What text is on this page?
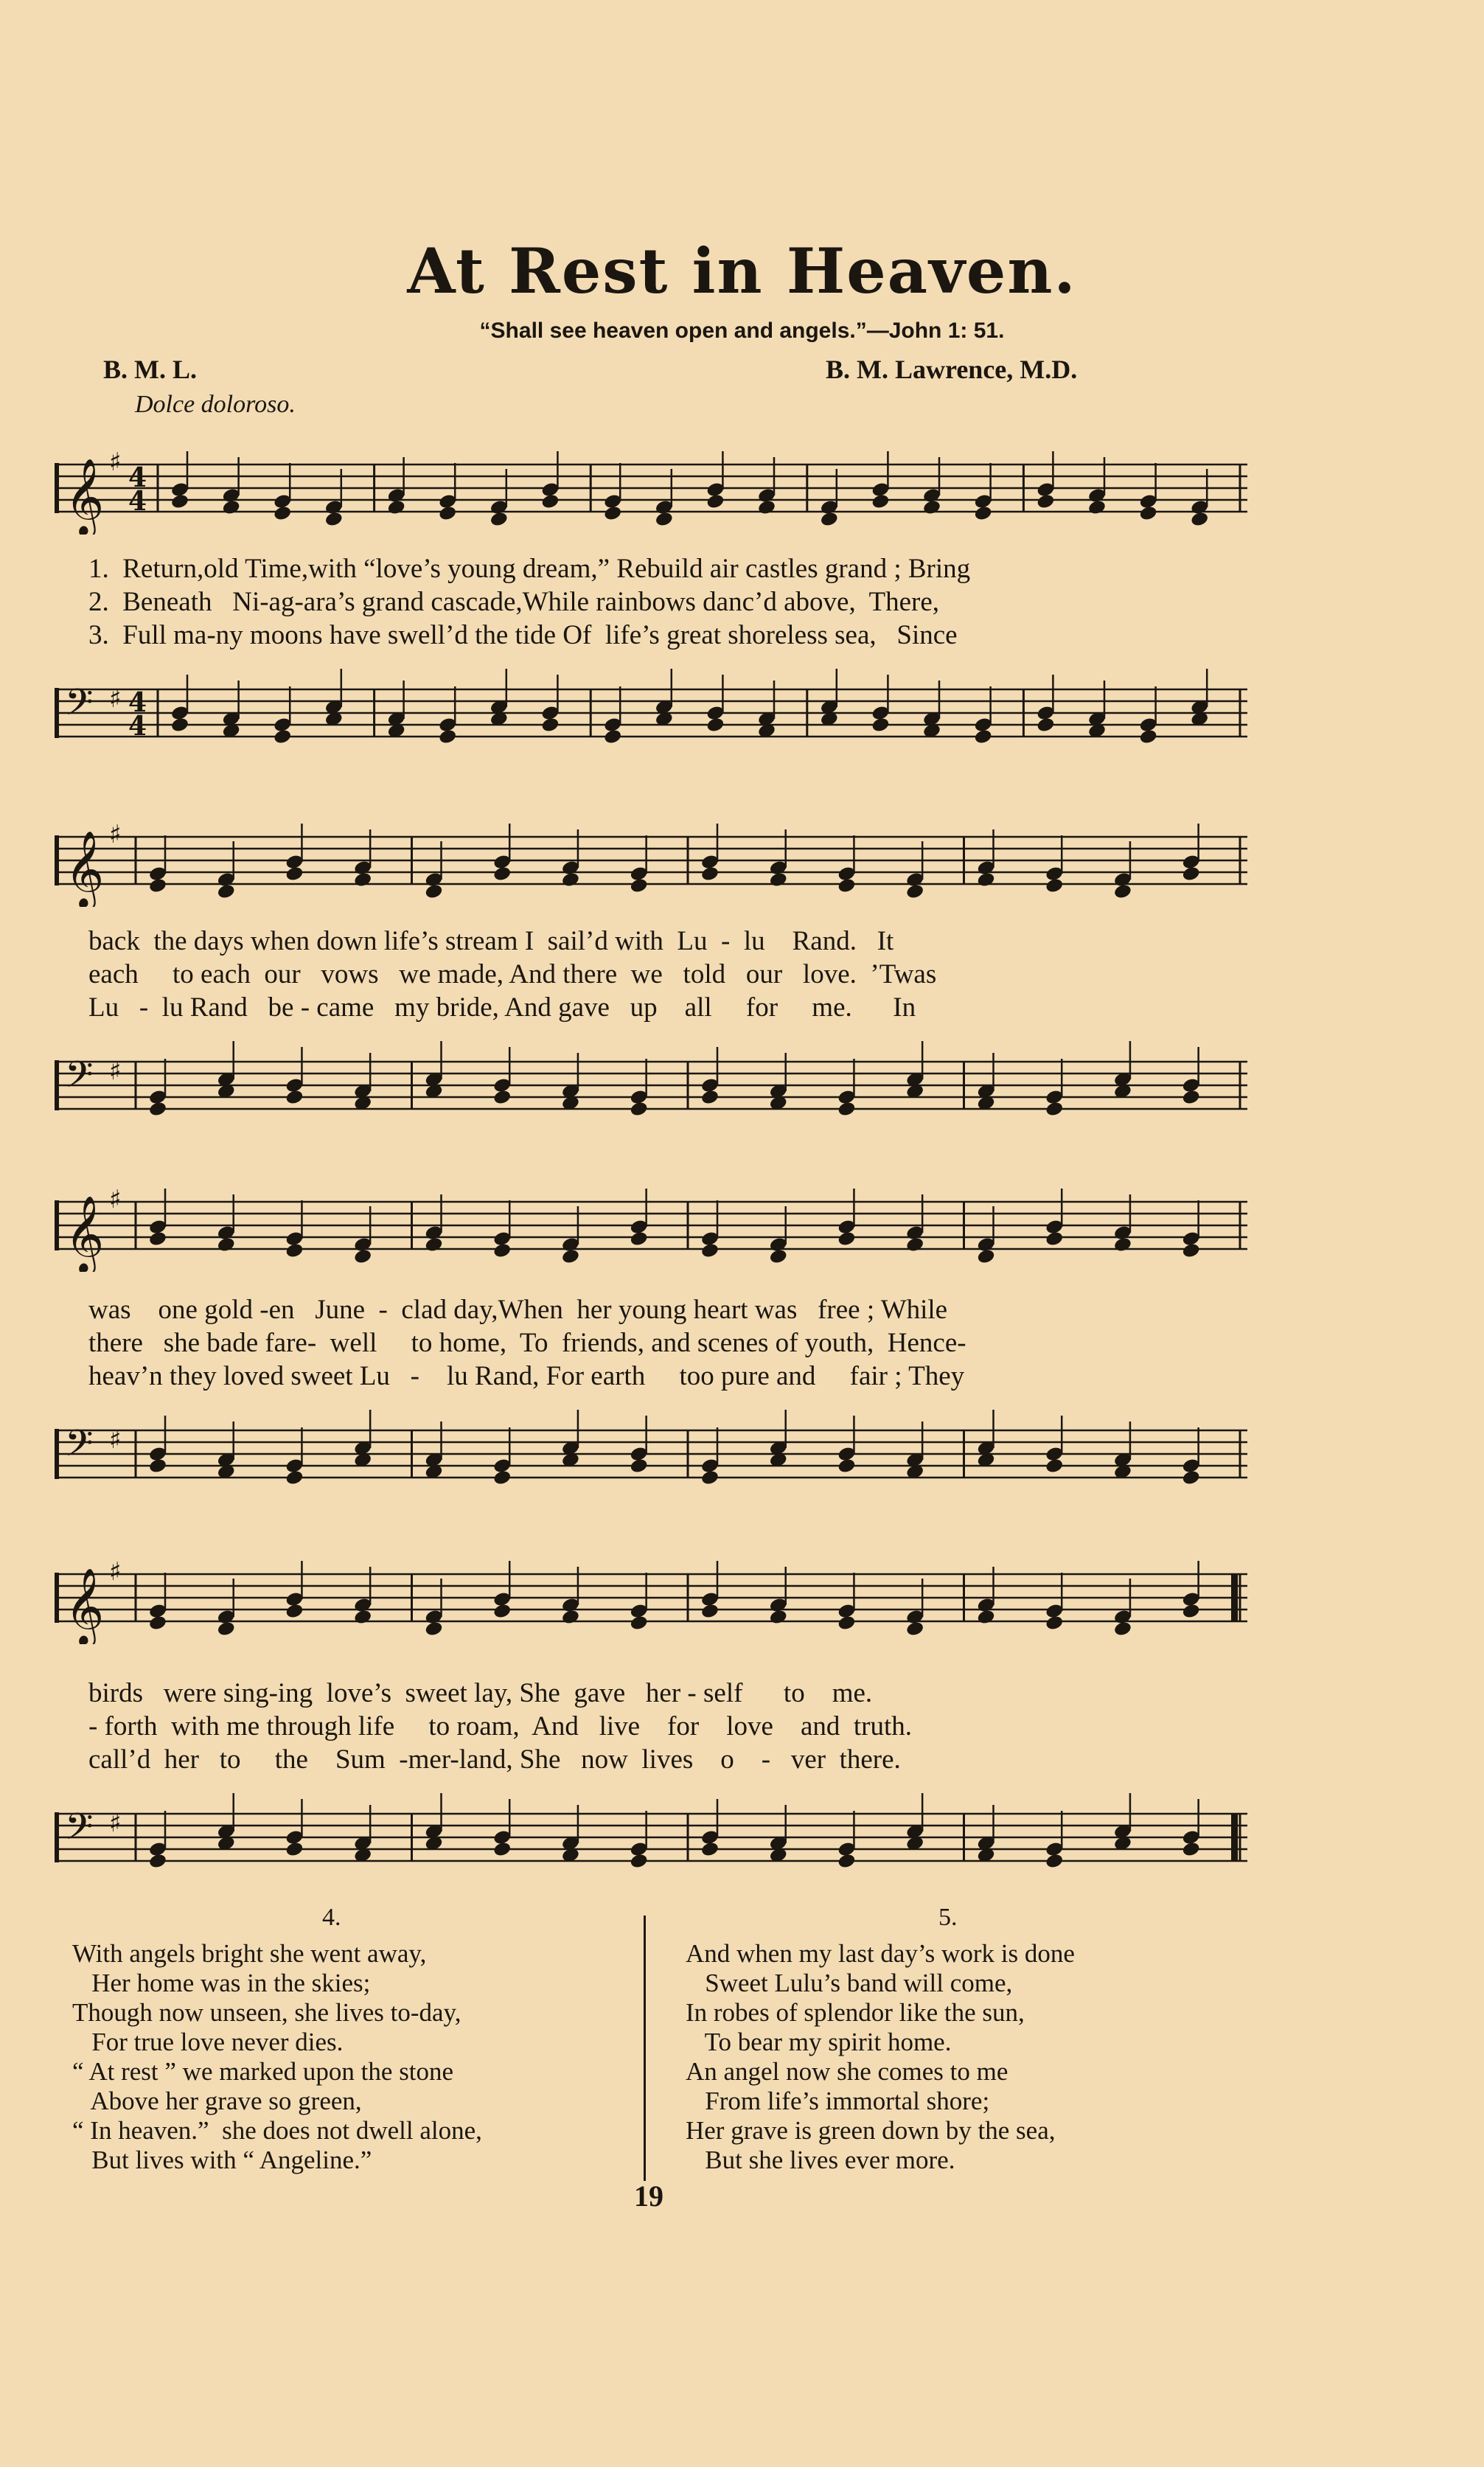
At Rest in Heaven.
“Shall see heaven open and angels.”—John 1: 51.
B. M. L.	B. M. Lawrence, M.D.
Dolce doloroso.
𝄞 ♯ 4
4
1.  Return,old Time,with “love’s young dream,” Rebuild air castles grand ; Bring
2.  Beneath   Ni-ag-ara’s grand cascade,While rainbows danc’d above,  There,
3.  Full ma-ny moons have swell’d the tide Of  life’s great shoreless sea,   Since
𝄢 ♯ 4
4
𝄞 ♯
back  the days when down life’s stream I  sail’d with  Lu  -  lu    Rand.   It
each     to each  our   vows   we made, And there  we   told   our   love.  ’Twas
Lu   -  lu Rand   be - came   my bride, And gave   up    all     for     me.      In
𝄢 ♯
𝄞 ♯
was    one gold -en   June  -  clad day,When  her young heart was   free ; While
there   she bade fare-  well     to home,  To  friends, and scenes of youth,  Hence-
heav’n they loved sweet Lu   -    lu Rand, For earth     too pure and     fair ; They
𝄢 ♯
𝄞 ♯
birds   were sing-ing  love’s  sweet lay, She  gave   her - self      to    me.
- forth  with me through life     to roam,  And   live    for    love    and  truth.
call’d  her   to     the    Sum  -mer-land, She   now  lives    o    -   ver  there.
𝄢 ♯
4.
With angels bright she went away,
Her home was in the skies;
Though now unseen, she lives to-day,
For true love never dies.
“ At rest ” we marked upon the stone
Above her grave so green,
“ In heaven.”  she does not dwell alone,
But lives with “ Angeline.”
5.
And when my last day’s work is done
Sweet Lulu’s band will come,
In robes of splendor like the sun,
To bear my spirit home.
An angel now she comes to me
From life’s immortal shore;
Her grave is green down by the sea,
But she lives ever more.
19
